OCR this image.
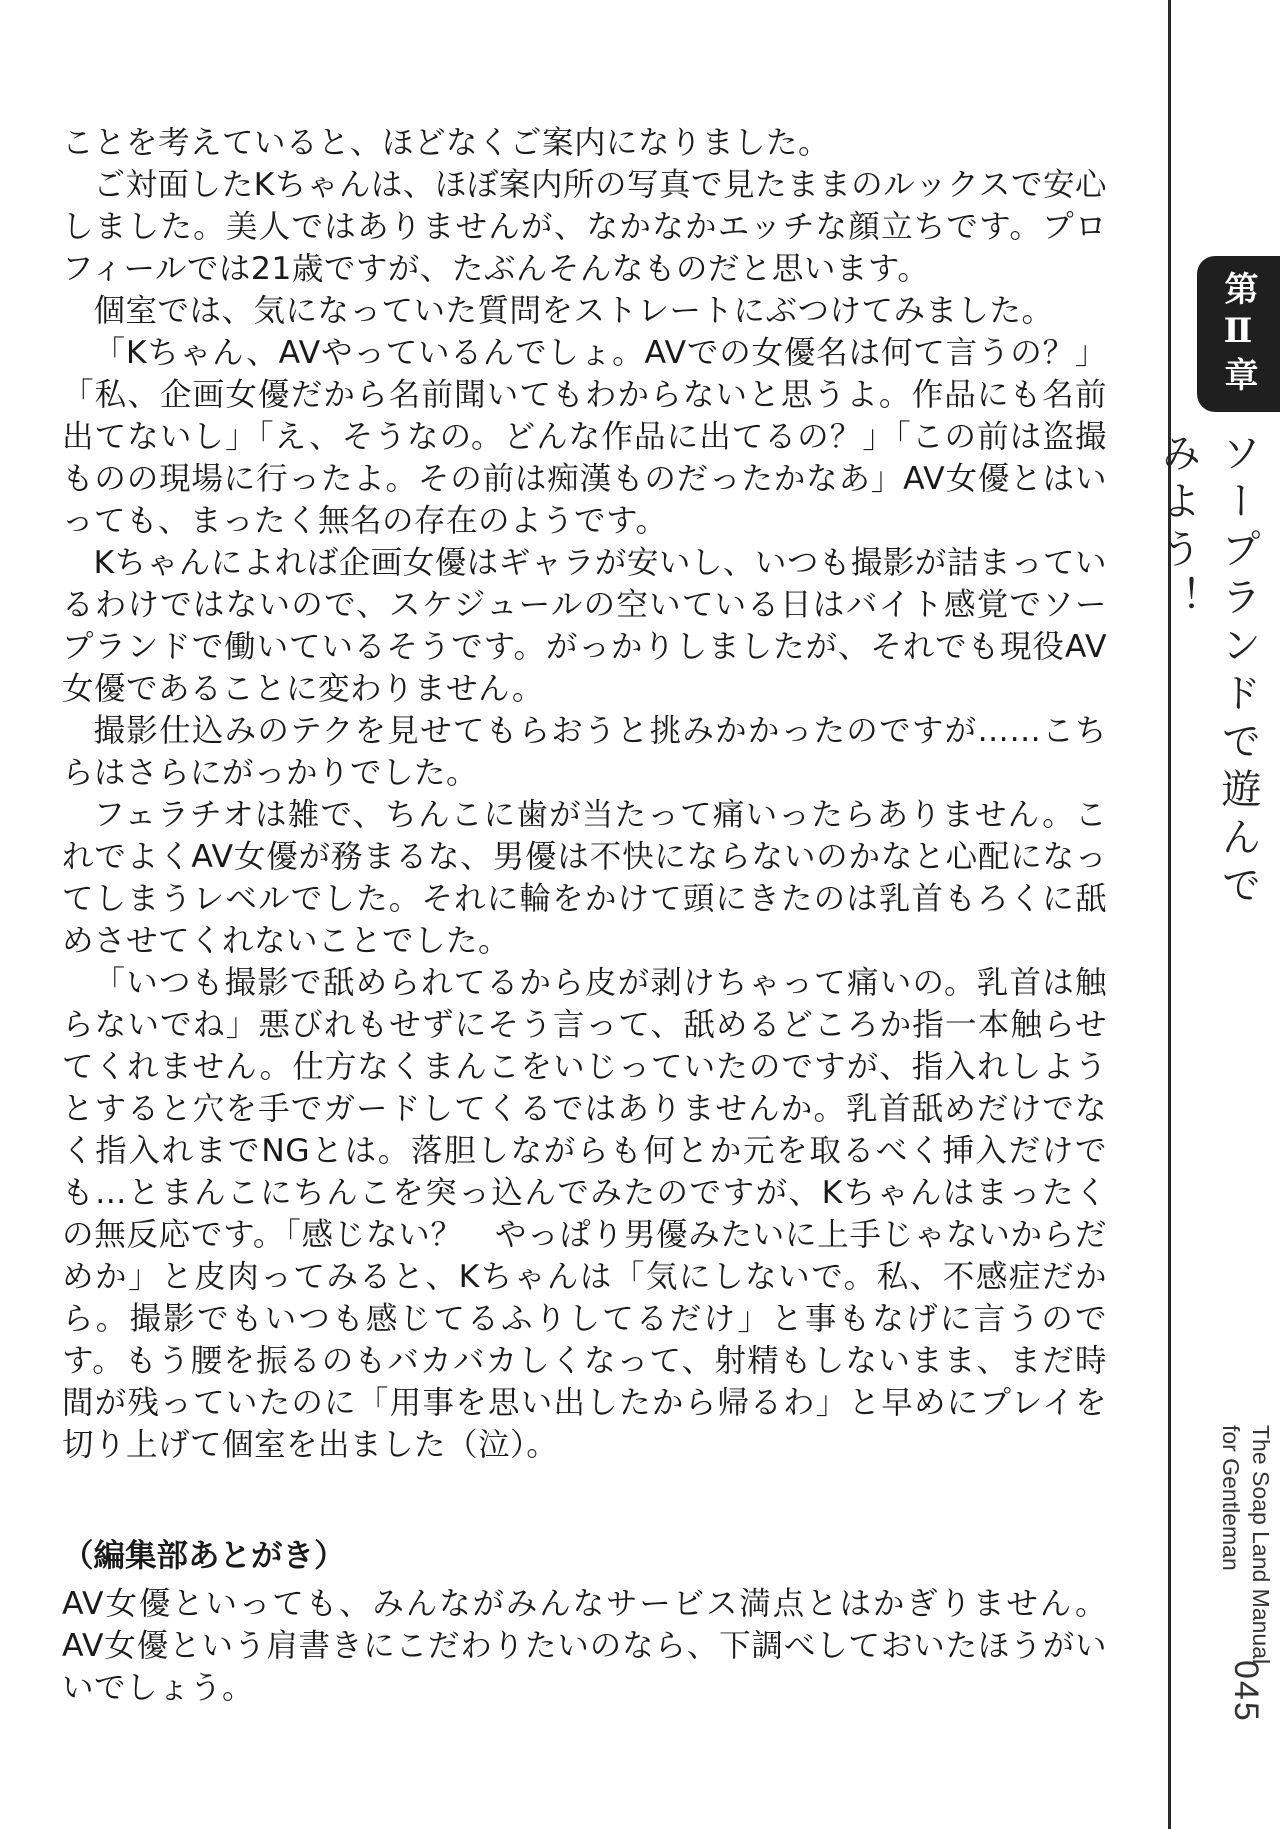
ことを考えていると、ほどなくご案内になりました。

ご対面したKちゃんは、ほぼ案内所の写真で見たままのルックスで安心しました。美人ではありませんが、なかなかエッチな顔立ちです。プロフィールでは21歳ですが、たぶんそんなものだと思います。

個室では、気になっていた質問をストレートにぶつけてみました。

「Kちゃん、AVやっているんでしょ。AVでの女優名は何て言うの？」「私、企画女優だから名前聞いてもわからないと思うよ。作品にも名前出てないし」「え、そうなの。どんな作品に出てるの？」「この前は盗撮ものの現場に行ったよ。その前は痴漢ものだったかなあ」AV女優とはいっても、まったく無名の存在のようです。

Kちゃんによれば企画女優はギャラが安いし、いつも撮影が詰まっているわけではないので、スケジュールの空いている日はバイト感覚でソープランドで働いているそうです。がっかりしましたが、それでも現役AV女優であることに変わりません。

撮影仕込みのテクを見せてもらおうと挑みかかったのですが……こちらはさらにがっかりでした。

フェラチオは雑で、ちんこに歯が当たって痛いったらありません。これでよくAV女優が務まるな、男優は不快にならないのかなと心配になってしまうレベルでした。それに輪をかけて頭にきたのは乳首もろくに舐めさせてくれないことでした。

「いつも撮影で舐められてるから皮が剥けちゃって痛いの。乳首は触らないでね」悪びれもせずにそう言って、舐めるどころか指一本触らせてくれません。仕方なくまんこをいじっていたのですが、指入れしようとすると穴を手でガードしてくるではありませんか。乳首舐めだけでなく指入れまでNGとは。落胆しながらも何とか元を取るべく挿入だけでも…とまんこにちんこを突っ込んでみたのですが、Kちゃんはまったくの無反応です。「感じない？　やっぱり男優みたいに上手じゃないからだめか」と皮肉ってみると、Kちゃんは「気にしないで。私、不感症だから。撮影でもいつも感じてるふりしてるだけ」と事もなげに言うのです。もう腰を振るのもバカバカしくなって、射精もしないまま、まだ時間が残っていたのに「用事を思い出したから帰るわ」と早めにプレイを切り上げて個室を出ました（泣）。

（編集部あとがき）

AV女優といっても、みんながみんなサービス満点とはかぎりません。AV女優という肩書きにこだわりたいのなら、下調べしておいたほうがいいでしょう。

第Ⅱ章
ソープランドで遊んでみよう！
The Soap Land Manual
for Gentleman
045
